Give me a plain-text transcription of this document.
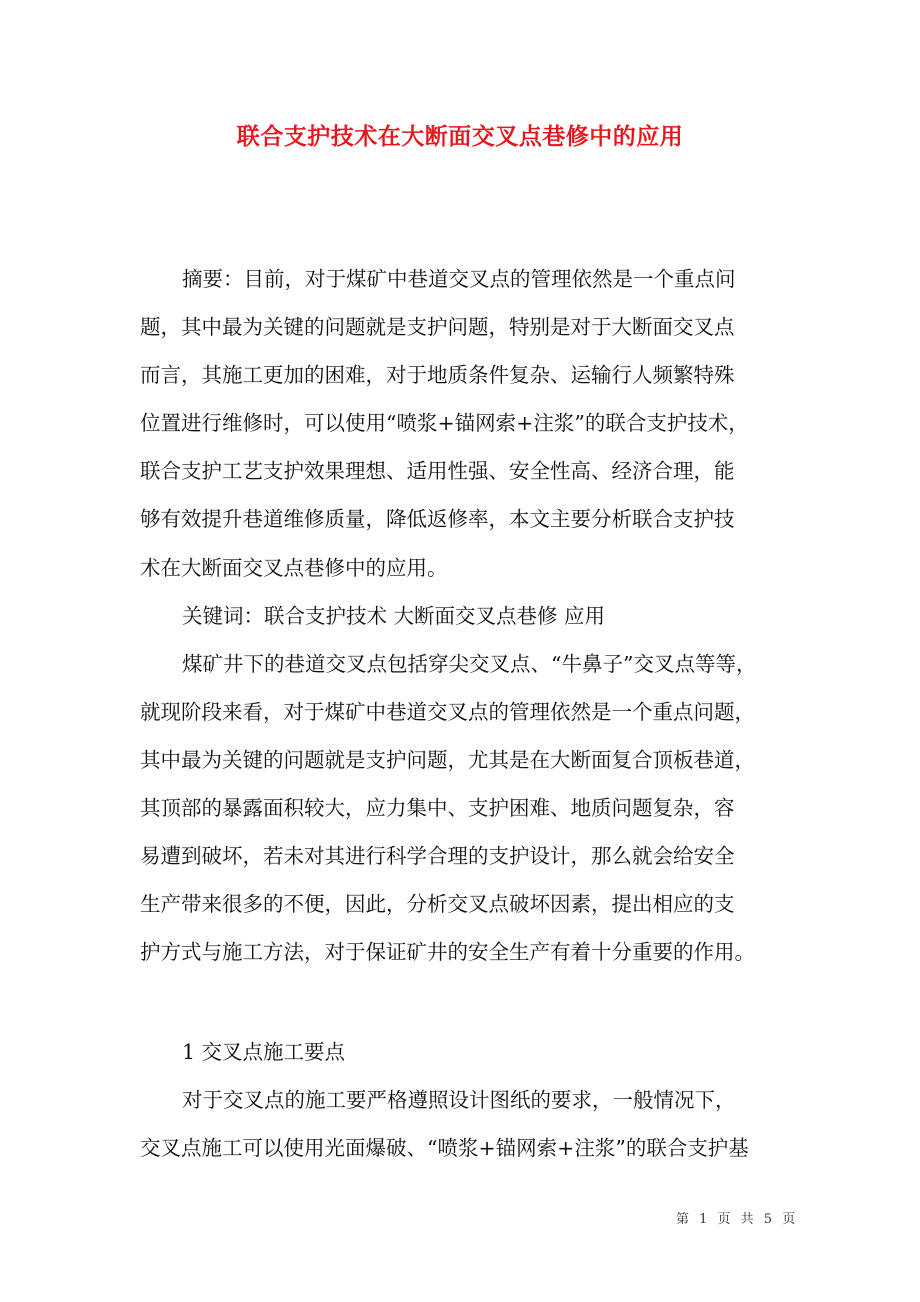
联合支护技术在大断面交叉点巷修中的应用
摘要：目前，对于煤矿中巷道交叉点的管理依然是一个重点问
题，其中最为关键的问题就是支护问题，特别是对于大断面交叉点
而言，其施工更加的困难，对于地质条件复杂、运输行人频繁特殊
位置进行维修时，可以使用“喷浆+锚网索+注浆”的联合支护技术，
联合支护工艺支护效果理想、适用性强、安全性高、经济合理，能
够有效提升巷道维修质量，降低返修率，本文主要分析联合支护技
术在大断面交叉点巷修中的应用。
关键词：联合支护技术 大断面交叉点巷修 应用
煤矿井下的巷道交叉点包括穿尖交叉点、“牛鼻子”交叉点等等，
就现阶段来看，对于煤矿中巷道交叉点的管理依然是一个重点问题，
其中最为关键的问题就是支护问题，尤其是在大断面复合顶板巷道，
其顶部的暴露面积较大，应力集中、支护困难、地质问题复杂，容
易遭到破坏，若未对其进行科学合理的支护设计，那么就会给安全
生产带来很多的不便，因此，分析交叉点破坏因素，提出相应的支
护方式与施工方法，对于保证矿井的安全生产有着十分重要的作用。
1 交叉点施工要点
对于交叉点的施工要严格遵照设计图纸的要求，一般情况下，
交叉点施工可以使用光面爆破、“喷浆+锚网索+注浆”的联合支护基
第 1 页 共 5 页
